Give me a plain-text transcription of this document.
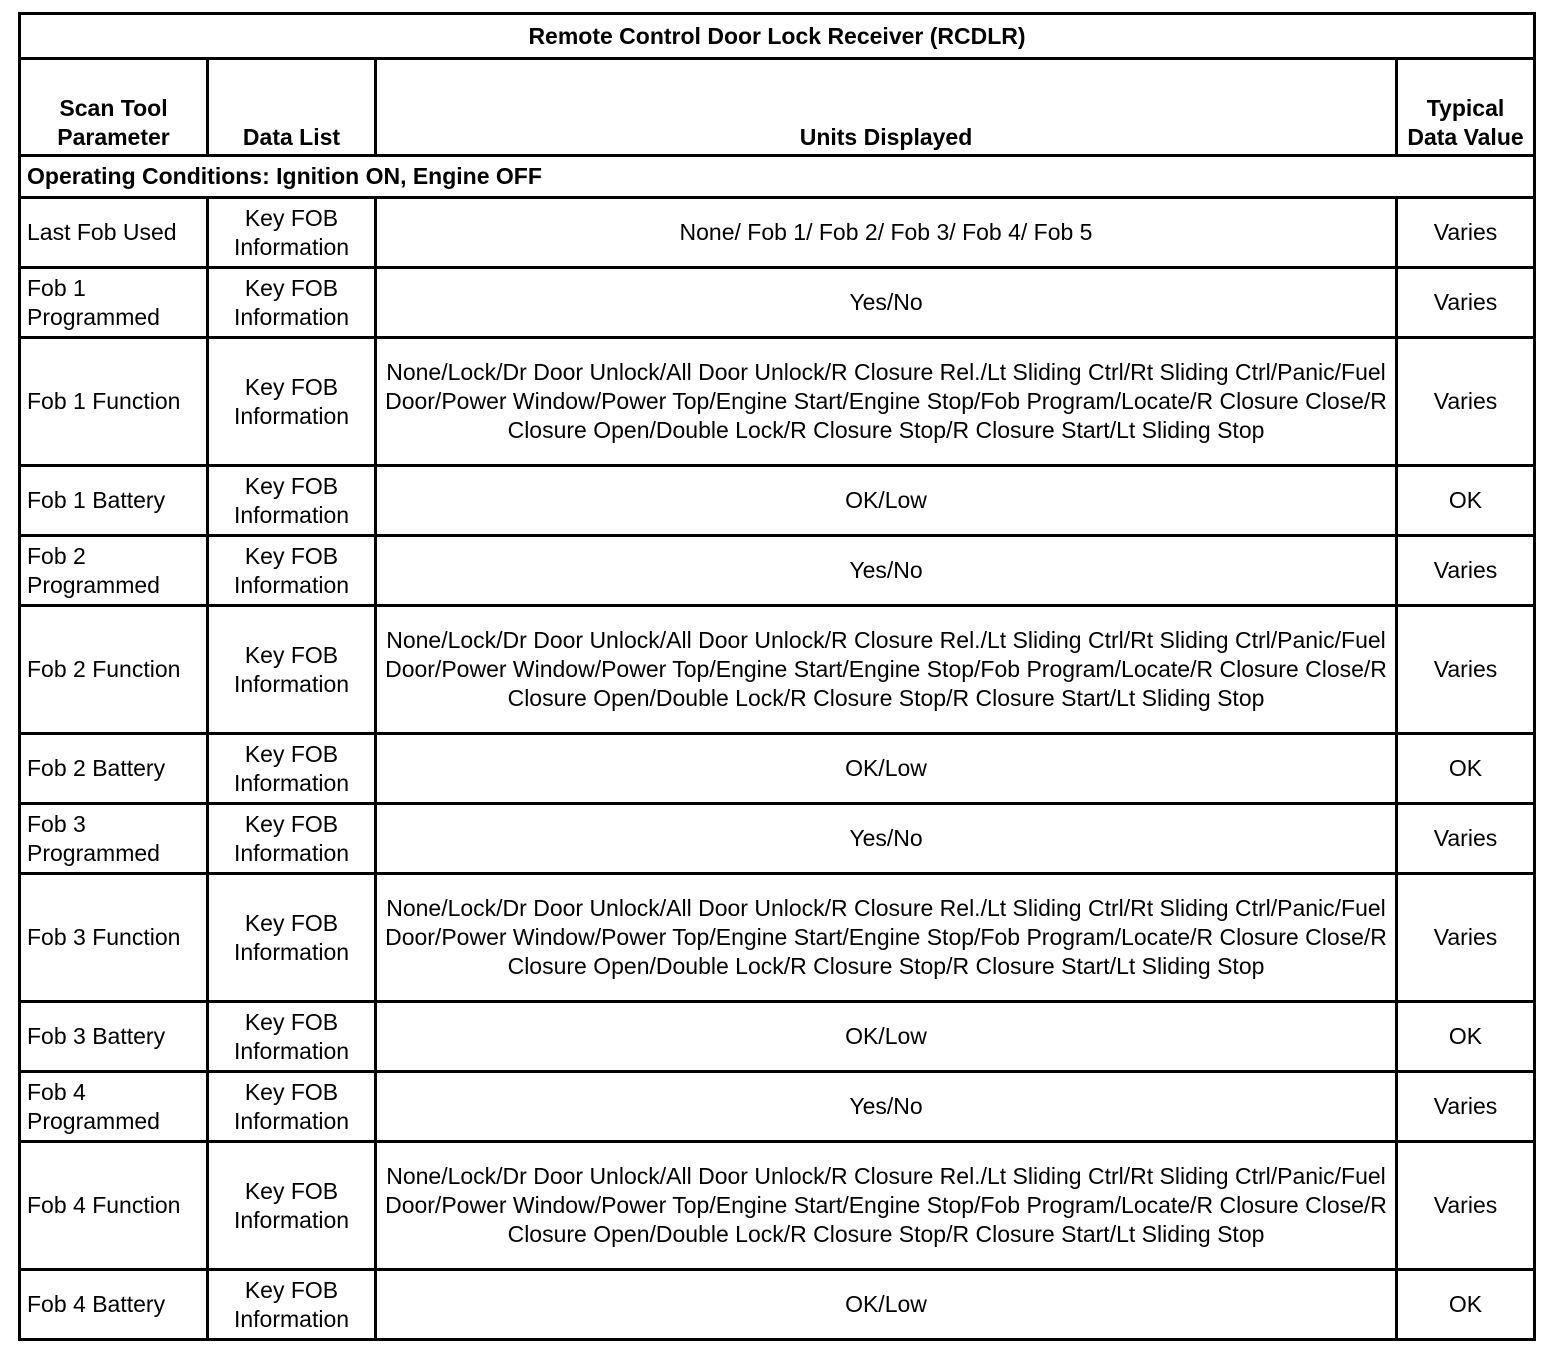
Remote Control Door Lock Receiver (RCDLR)			
Scan Tool Parameter	Data List	Units Displayed	Typical Data Value
Operating Conditions: Ignition ON, Engine OFF			
Last Fob Used	Key FOB Information	None/ Fob 1/ Fob 2/ Fob 3/ Fob 4/ Fob 5	Varies
Fob 1 Programmed	Key FOB Information	Yes/No	Varies
Fob 1 Function	Key FOB Information	None/Lock/Dr Door Unlock/All Door Unlock/R Closure Rel./Lt Sliding Ctrl/Rt Sliding Ctrl/Panic/Fuel Door/Power Window/Power Top/Engine Start/Engine Stop/Fob Program/Locate/R Closure Close/R Closure Open/Double Lock/R Closure Stop/R Closure Start/Lt Sliding Stop	Varies
Fob 1 Battery	Key FOB Information	OK/Low	OK
Fob 2 Programmed	Key FOB Information	Yes/No	Varies
Fob 2 Function	Key FOB Information	None/Lock/Dr Door Unlock/All Door Unlock/R Closure Rel./Lt Sliding Ctrl/Rt Sliding Ctrl/Panic/Fuel Door/Power Window/Power Top/Engine Start/Engine Stop/Fob Program/Locate/R Closure Close/R Closure Open/Double Lock/R Closure Stop/R Closure Start/Lt Sliding Stop	Varies
Fob 2 Battery	Key FOB Information	OK/Low	OK
Fob 3 Programmed	Key FOB Information	Yes/No	Varies
Fob 3 Function	Key FOB Information	None/Lock/Dr Door Unlock/All Door Unlock/R Closure Rel./Lt Sliding Ctrl/Rt Sliding Ctrl/Panic/Fuel Door/Power Window/Power Top/Engine Start/Engine Stop/Fob Program/Locate/R Closure Close/R Closure Open/Double Lock/R Closure Stop/R Closure Start/Lt Sliding Stop	Varies
Fob 3 Battery	Key FOB Information	OK/Low	OK
Fob 4 Programmed	Key FOB Information	Yes/No	Varies
Fob 4 Function	Key FOB Information	None/Lock/Dr Door Unlock/All Door Unlock/R Closure Rel./Lt Sliding Ctrl/Rt Sliding Ctrl/Panic/Fuel Door/Power Window/Power Top/Engine Start/Engine Stop/Fob Program/Locate/R Closure Close/R Closure Open/Double Lock/R Closure Stop/R Closure Start/Lt Sliding Stop	Varies
Fob 4 Battery	Key FOB Information	OK/Low	OK
